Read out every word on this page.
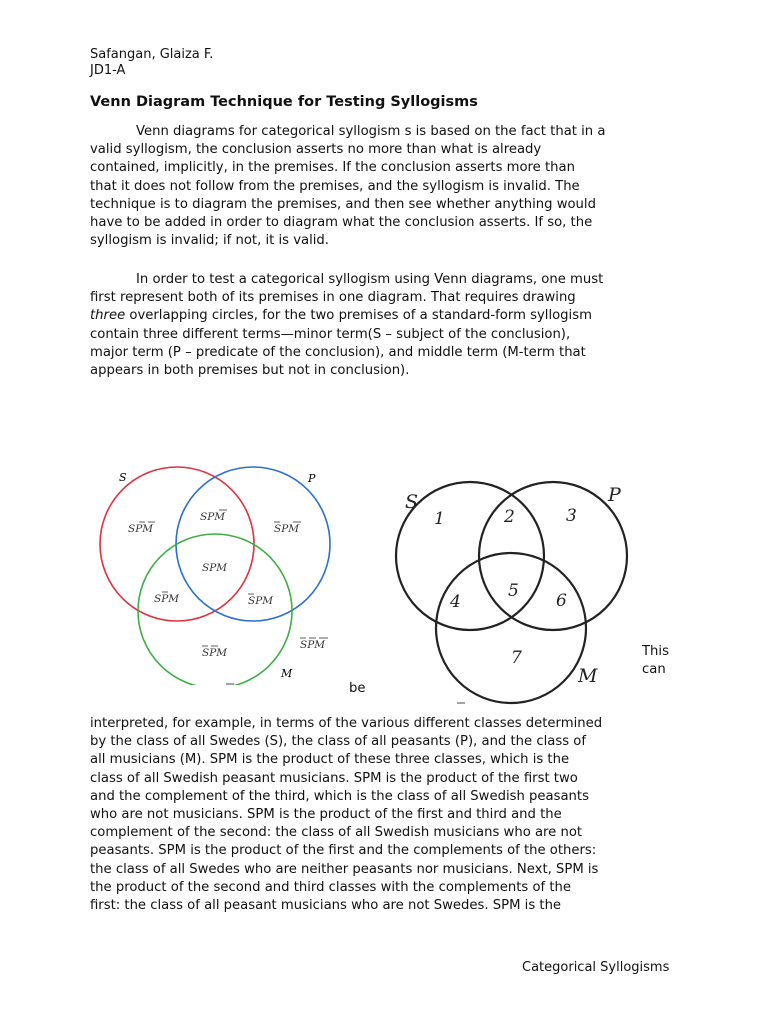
Safangan, Glaiza F.
JD1-A
Venn Diagram Technique for Testing Syllogisms
Venn diagrams for categorical syllogism s is based on the fact that in a
valid syllogism, the conclusion asserts no more than what is already
contained, implicitly, in the premises. If the conclusion asserts more than
that it does not follow from the premises, and the syllogism is invalid. The
technique is to diagram the premises, and then see whether anything would
have to be added in order to diagram what the conclusion asserts. If so, the
syllogism is invalid; if not, it is valid.
In order to test a categorical syllogism using Venn diagrams, one must
first represent both of its premises in one diagram. That requires drawing
three overlapping circles, for the two premises of a standard-form syllogism
contain three different terms—minor term(S – subject of the conclusion),
major term (P – predicate of the conclusion), and middle term (M-term that
appears in both premises but not in conclusion).
S	P
M
SPM
SPM
SPM
SPM
SPM	SPM
SPM
SPM
S	P
M
1	2	3
4
5 6
7	This
can
be
interpreted, for example, in terms of the various different classes determined
by the class of all Swedes (S), the class of all peasants (P), and the class of
all musicians (M). SPM is the product of these three classes, which is the
class of all Swedish peasant musicians. SPM is the product of the first two
and the complement of the third, which is the class of all Swedish peasants
who are not musicians. SPM is the product of the first and third and the
complement of the second: the class of all Swedish musicians who are not
peasants. SPM is the product of the first and the complements of the others:
the class of all Swedes who are neither peasants nor musicians. Next, SPM is
the product of the second and third classes with the complements of the
first: the class of all peasant musicians who are not Swedes. SPM is the
Categorical Syllogisms
